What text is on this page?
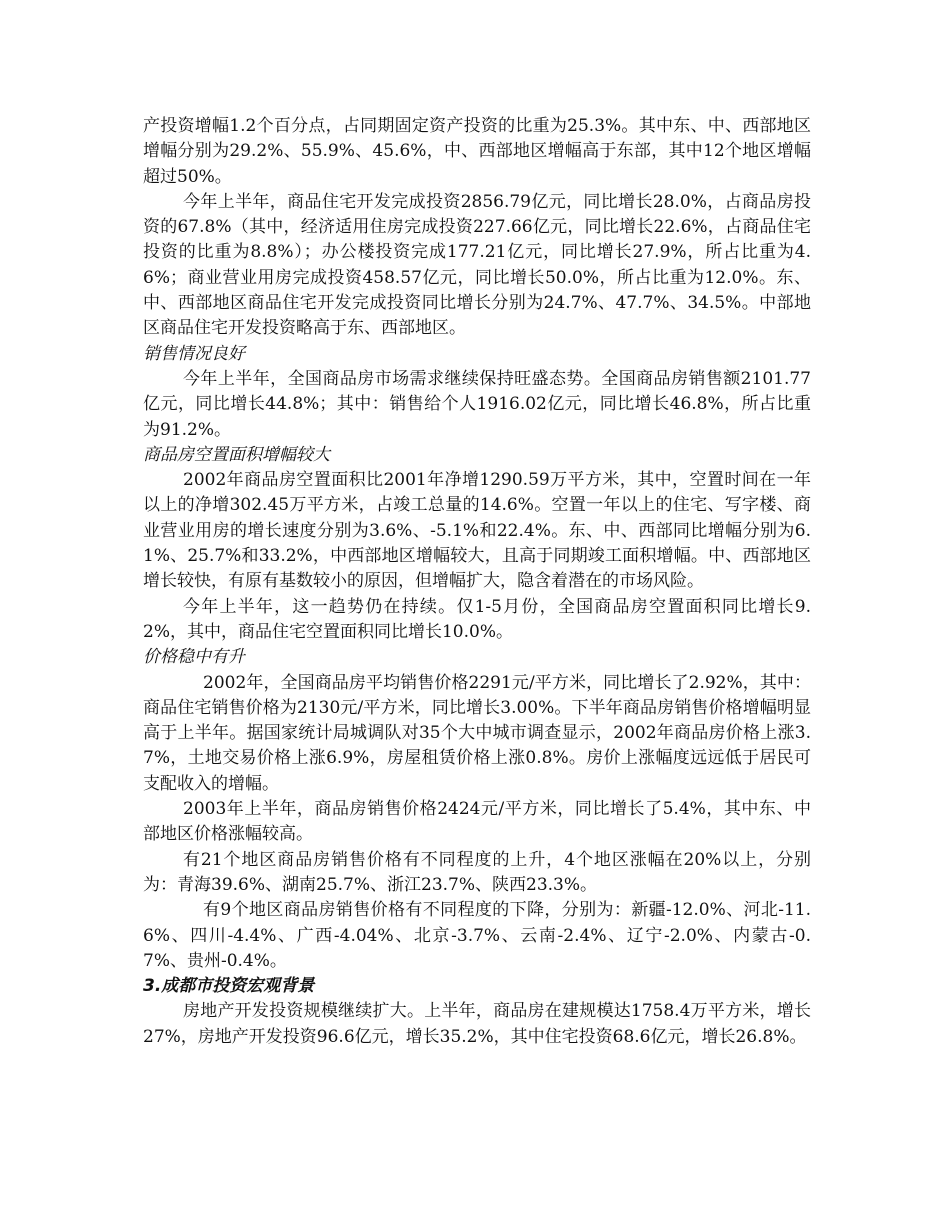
产投资增幅1.2个百分点，占同期固定资产投资的比重为25.3%。其中东、中、西部地区增幅分别为29.2%、55.9%、45.6%，中、西部地区增幅高于东部，其中12个地区增幅超过50%。

今年上半年，商品住宅开发完成投资2856.79亿元，同比增长28.0%，占商品房投资的67.8%（其中，经济适用住房完成投资227.66亿元，同比增长22.6%，占商品住宅投资的比重为8.8%）；办公楼投资完成177.21亿元，同比增长27.9%，所占比重为4.6%；商业营业用房完成投资458.57亿元，同比增长50.0%，所占比重为12.0%。东、中、西部地区商品住宅开发完成投资同比增长分别为24.7%、47.7%、34.5%。中部地区商品住宅开发投资略高于东、西部地区。

销售情况良好

今年上半年，全国商品房市场需求继续保持旺盛态势。全国商品房销售额2101.77亿元，同比增长44.8%；其中：销售给个人1916.02亿元，同比增长46.8%，所占比重为91.2%。

商品房空置面积增幅较大

2002年商品房空置面积比2001年净增1290.59万平方米，其中，空置时间在一年以上的净增302.45万平方米，占竣工总量的14.6%。空置一年以上的住宅、写字楼、商业营业用房的增长速度分别为3.6%、-5.1%和22.4%。东、中、西部同比增幅分别为6.1%、25.7%和33.2%，中西部地区增幅较大，且高于同期竣工面积增幅。中、西部地区增长较快，有原有基数较小的原因，但增幅扩大，隐含着潜在的市场风险。

今年上半年，这一趋势仍在持续。仅1-5月份，全国商品房空置面积同比增长9.2%，其中，商品住宅空置面积同比增长10.0%。

价格稳中有升

2002年，全国商品房平均销售价格2291元/平方米，同比增长了2.92%，其中：商品住宅销售价格为2130元/平方米，同比增长3.00%。下半年商品房销售价格增幅明显高于上半年。据国家统计局城调队对35个大中城市调查显示，2002年商品房价格上涨3.7%，土地交易价格上涨6.9%，房屋租赁价格上涨0.8%。房价上涨幅度远远低于居民可支配收入的增幅。

2003年上半年，商品房销售价格2424元/平方米，同比增长了5.4%，其中东、中部地区价格涨幅较高。

有21个地区商品房销售价格有不同程度的上升，4个地区涨幅在20%以上，分别为：青海39.6%、湖南25.7%、浙江23.7%、陕西23.3%。

有9个地区商品房销售价格有不同程度的下降，分别为：新疆-12.0%、河北-11.6%、四川-4.4%、广西-4.04%、北京-3.7%、云南-2.4%、辽宁-2.0%、内蒙古-0.7%、贵州-0.4%。

3.成都市投资宏观背景

房地产开发投资规模继续扩大。上半年，商品房在建规模达1758.4万平方米，增长27%，房地产开发投资96.6亿元，增长35.2%，其中住宅投资68.6亿元，增长26.8%。
